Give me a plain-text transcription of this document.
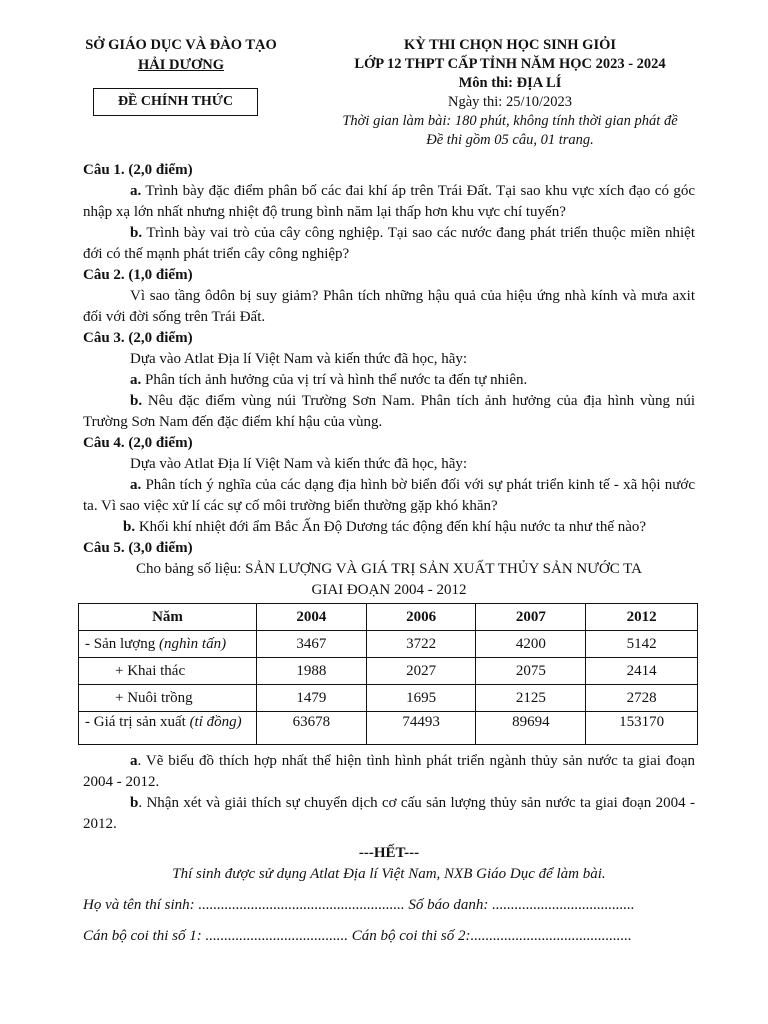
SỞ GIÁO DỤC VÀ ĐÀO TẠO
HẢI DƯƠNG
ĐỀ CHÍNH THỨC
KỲ THI CHỌN HỌC SINH GIỎI
LỚP 12 THPT CẤP TỈNH NĂM HỌC 2023 - 2024
Môn thi: ĐỊA LÍ
Ngày thi: 25/10/2023
Thời gian làm bài: 180 phút, không tính thời gian phát đề
Đề thi gồm 05 câu, 01 trang.
Câu 1. (2,0 điểm)
a. Trình bày đặc điểm phân bố các đai khí áp trên Trái Đất. Tại sao khu vực xích đạo có góc nhập xạ lớn nhất nhưng nhiệt độ trung bình năm lại thấp hơn khu vực chí tuyến?
b. Trình bày vai trò của cây công nghiệp. Tại sao các nước đang phát triển thuộc miền nhiệt đới có thế mạnh phát triển cây công nghiệp?
Câu 2. (1,0 điểm)
Vì sao tầng ôdôn bị suy giảm? Phân tích những hậu quả của hiệu ứng nhà kính và mưa axit đối với đời sống trên Trái Đất.
Câu 3. (2,0 điểm)
Dựa vào Atlat Địa lí Việt Nam và kiến thức đã học, hãy:
a. Phân tích ảnh hưởng của vị trí và hình thể nước ta đến tự nhiên.
b. Nêu đặc điểm vùng núi Trường Sơn Nam. Phân tích ảnh hưởng của địa hình vùng núi Trường Sơn Nam đến đặc điểm khí hậu của vùng.
Câu 4. (2,0 điểm)
Dựa vào Atlat Địa lí Việt Nam và kiến thức đã học, hãy:
a. Phân tích ý nghĩa của các dạng địa hình bờ biển đối với sự phát triển kinh tế - xã hội nước ta. Vì sao việc xử lí các sự cố môi trường biển thường gặp khó khăn?
b. Khối khí nhiệt đới ẩm Bắc Ấn Độ Dương tác động đến khí hậu nước ta như thế nào?
Câu 5. (3,0 điểm)
Cho bảng số liệu: SẢN LƯỢNG VÀ GIÁ TRỊ SẢN XUẤT THỦY SẢN NƯỚC TA
GIAI ĐOẠN 2004 - 2012
Năm	2004	2006	2007	2012
- Sản lượng (nghìn tấn)	3467	3722	4200	5142
+ Khai thác	1988	2027	2075	2414
+ Nuôi trồng	1479	1695	2125	2728
- Giá trị sản xuất (tỉ đồng)	63678	74493	89694	153170
a. Vẽ biểu đồ thích hợp nhất thể hiện tình hình phát triển ngành thủy sản nước ta giai đoạn 2004 - 2012.
b. Nhận xét và giải thích sự chuyển dịch cơ cấu sản lượng thủy sản nước ta giai đoạn 2004 - 2012.
---HẾT---
Thí sinh được sử dụng Atlat Địa lí Việt Nam, NXB Giáo Dục để làm bài.
Họ và tên thí sinh: ....................................................... Số báo danh: ......................................
Cán bộ coi thi số 1: ...................................... Cán bộ coi thi số 2:...........................................
